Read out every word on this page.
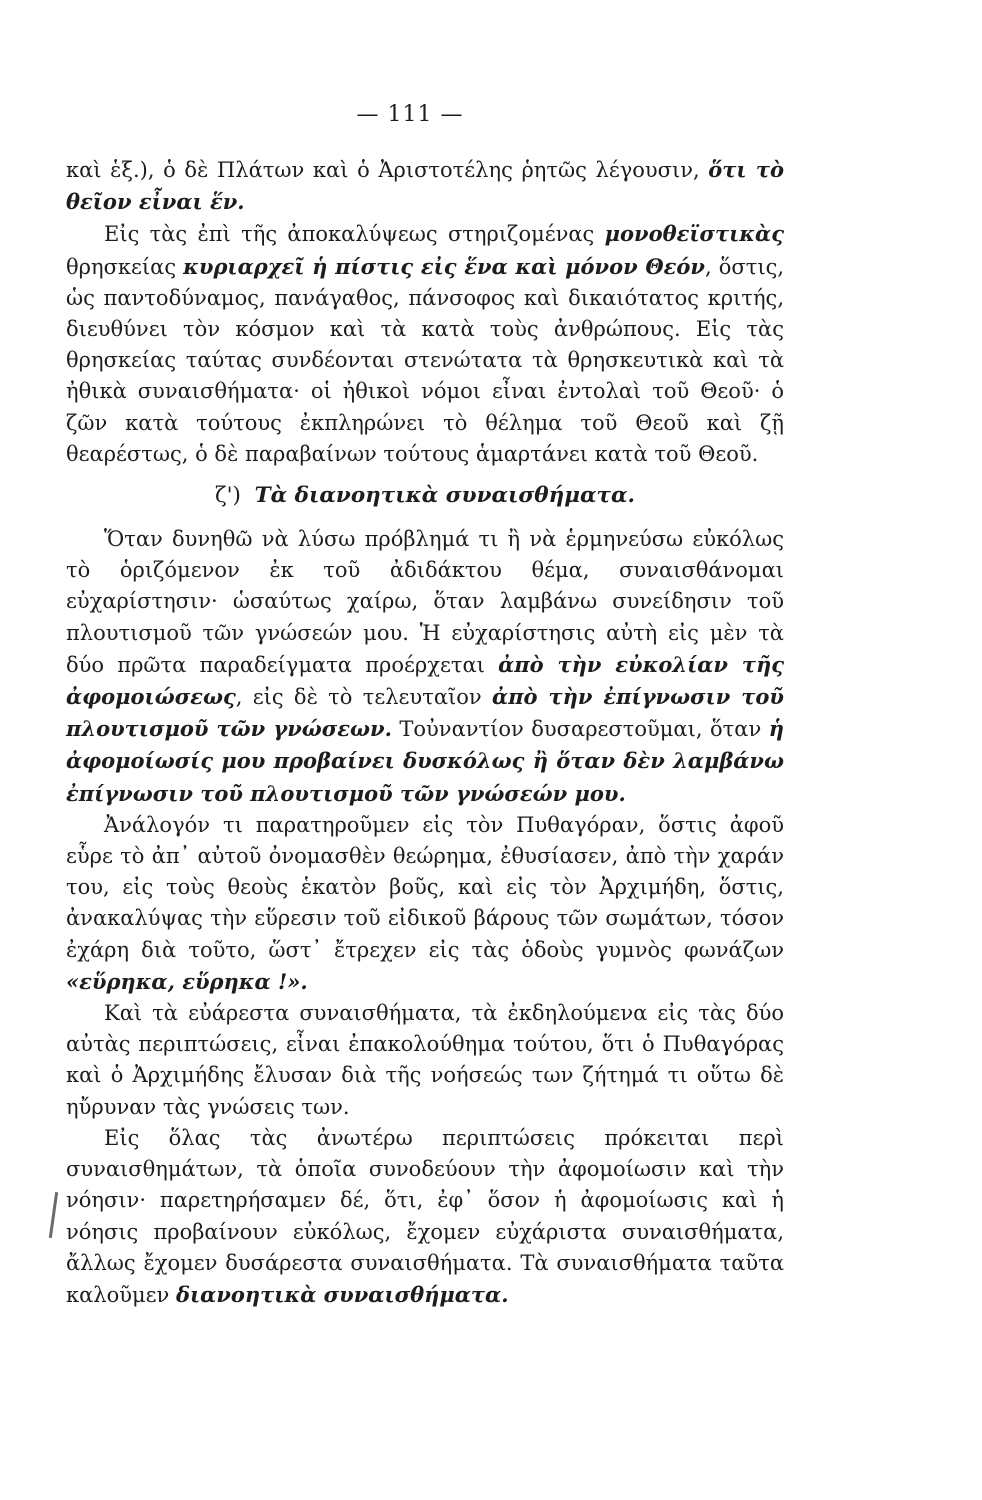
— 111 —

καὶ ἑξ.), ὁ δὲ Πλάτων καὶ ὁ Ἀριστοτέλης ῥητῶς λέγουσιν, ὅτι τὸ θεῖον εἶναι ἕν.

Εἰς τὰς ἐπὶ τῆς ἀποκαλύψεως στηριζομένας μονοθεϊστικὰς θρησκείας κυριαρχεῖ ἡ πίστις εἰς ἕνα καὶ μόνον Θεόν, ὅστις, ὡς παντοδύναμος, πανάγαθος, πάνσοφος καὶ δικαιότατος κριτής, διευθύνει τὸν κόσμον καὶ τὰ κατὰ τοὺς ἀνθρώπους. Εἰς τὰς θρησκείας ταύτας συνδέονται στενώτατα τὰ θρησκευτικὰ καὶ τὰ ἠθικὰ συναισθήματα· οἱ ἠθικοὶ νόμοι εἶναι ἐντολαὶ τοῦ Θεοῦ· ὁ ζῶν κατὰ τούτους ἐκπληρώνει τὸ θέλημα τοῦ Θεοῦ καὶ ζῇ θεαρέστως, ὁ δὲ παραβαίνων τούτους ἁμαρτάνει κατὰ τοῦ Θεοῦ.

ζ') Τὰ διανοητικὰ συναισθήματα.

Ὅταν δυνηθῶ νὰ λύσω πρόβλημά τι ἢ νὰ ἑρμηνεύσω εὐκόλως τὸ ὁριζόμενον ἐκ τοῦ ἀδιδάκτου θέμα, συναισθάνομαι εὐχαρίστησιν· ὡσαύτως χαίρω, ὅταν λαμβάνω συνείδησιν τοῦ πλουτισμοῦ τῶν γνώσεών μου. Ἡ εὐχαρίστησις αὐτὴ εἰς μὲν τὰ δύο πρῶτα παραδείγματα προέρχεται ἀπὸ τὴν εὐκολίαν τῆς ἀφομοιώσεως, εἰς δὲ τὸ τελευταῖον ἀπὸ τὴν ἐπίγνωσιν τοῦ πλουτισμοῦ τῶν γνώσεων. Τοὐναντίον δυσαρεστοῦμαι, ὅταν ἡ ἀφομοίωσίς μου προβαίνει δυσκόλως ἢ ὅταν δὲν λαμβάνω ἐπίγνωσιν τοῦ πλουτισμοῦ τῶν γνώσεών μου.

Ἀνάλογόν τι παρατηροῦμεν εἰς τὸν Πυθαγόραν, ὅστις ἀφοῦ εὗρε τὸ ἀπ᾿ αὐτοῦ ὀνομασθὲν θεώρημα, ἐθυσίασεν, ἀπὸ τὴν χαράν του, εἰς τοὺς θεοὺς ἑκατὸν βοῦς, καὶ εἰς τὸν Ἀρχιμήδη, ὅστις, ἀνακαλύψας τὴν εὕρεσιν τοῦ εἰδικοῦ βάρους τῶν σωμάτων, τόσον ἐχάρη διὰ τοῦτο, ὥστ᾿ ἔτρεχεν εἰς τὰς ὁδοὺς γυμνὸς φωνάζων «εὕρηκα, εὕρηκα !».

Καὶ τὰ εὐάρεστα συναισθήματα, τὰ ἐκδηλούμενα εἰς τὰς δύο αὐτὰς περιπτώσεις, εἶναι ἐπακολούθημα τούτου, ὅτι ὁ Πυθαγόρας καὶ ὁ Ἀρχιμήδης ἔλυσαν διὰ τῆς νοήσεώς των ζήτημά τι οὕτω δὲ ηὔρυναν τὰς γνώσεις των.

Εἰς ὅλας τὰς ἀνωτέρω περιπτώσεις πρόκειται περὶ συναισθημάτων, τὰ ὁποῖα συνοδεύουν τὴν ἀφομοίωσιν καὶ τὴν νόησιν· παρετηρήσαμεν δέ, ὅτι, ἐφ᾿ ὅσον ἡ ἀφομοίωσις καὶ ἡ νόησις προβαίνουν εὐκόλως, ἔχομεν εὐχάριστα συναισθήματα, ἄλλως ἔχομεν δυσάρεστα συναισθήματα. Τὰ συναισθήματα ταῦτα καλοῦμεν διανοητικὰ συναισθήματα.
